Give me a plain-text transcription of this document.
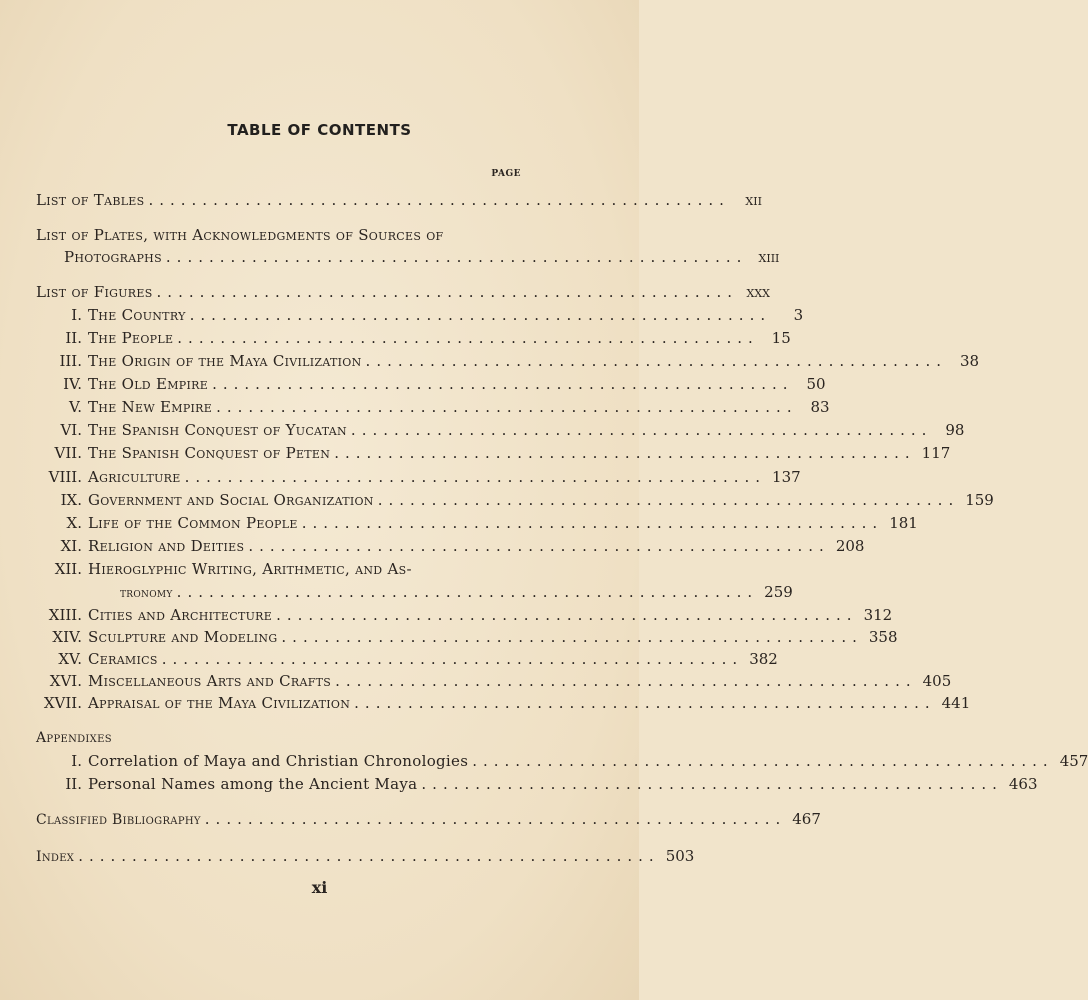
TABLE OF CONTENTS
PAGE
List of Tables ......................................................	xii
List of Plates, with Acknowledgments of Sources of
Photographs ...................................................... xiii
List of Figures ...................................................... xxx
I. The Country ......................................................	3
II. The People ...................................................... 15
III. The Origin of the Maya Civilization ...................................................... 38
IV. The Old Empire ...................................................... 50
V. The New Empire ...................................................... 83
VI. The Spanish Conquest of Yucatan ...................................................... 98
VII. The Spanish Conquest of Peten ...................................................... 117
VIII. Agriculture ...................................................... 137
IX. Government and Social Organization ...................................................... 159
X. Life of the Common People ...................................................... 181
XI. Religion and Deities ...................................................... 208
XII. Hieroglyphic Writing, Arithmetic, and As-
tronomy ...................................................... 259
XIII. Cities and Architecture ...................................................... 312
XIV. Sculpture and Modeling ...................................................... 358
XV. Ceramics ...................................................... 382
XVI. Miscellaneous Arts and Crafts ...................................................... 405
XVII. Appraisal of the Maya Civilization ...................................................... 441
Appendixes
I. Correlation of Maya and Christian Chronologies ...................................................... 457
II. Personal Names among the Ancient Maya ...................................................... 463
Classified Bibliography ...................................................... 467
Index ...................................................... 503
xi
